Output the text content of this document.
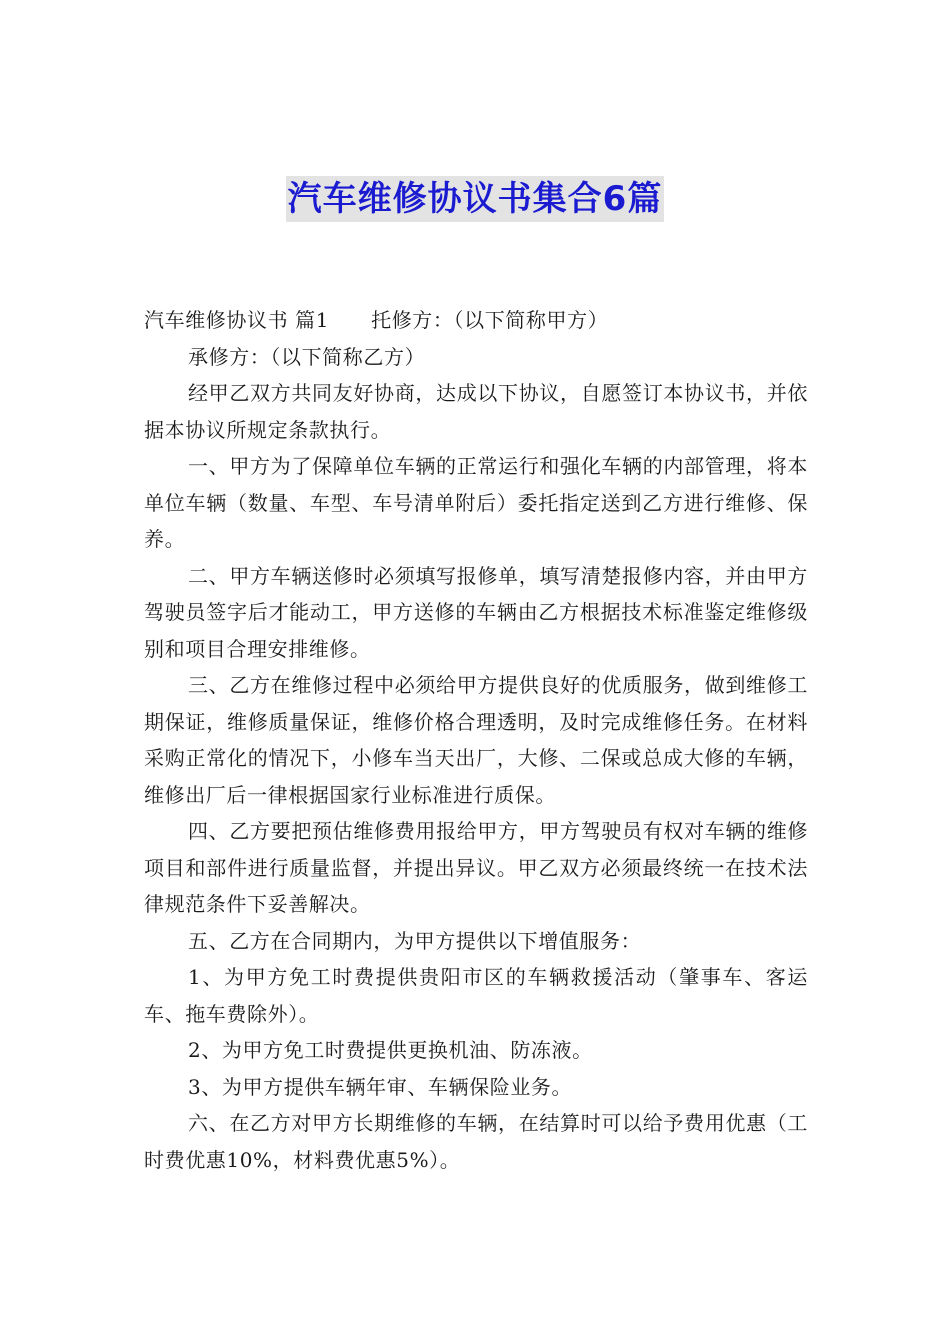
汽车维修协议书集合6篇

汽车维修协议书 篇1 托修方：（以下简称甲方）

承修方：（以下简称乙方）

经甲乙双方共同友好协商，达成以下协议，自愿签订本协议书，并依据本协议所规定条款执行。

一、甲方为了保障单位车辆的正常运行和强化车辆的内部管理，将本单位车辆（数量、车型、车号清单附后）委托指定送到乙方进行维修、保养。

二、甲方车辆送修时必须填写报修单，填写清楚报修内容，并由甲方驾驶员签字后才能动工，甲方送修的车辆由乙方根据技术标准鉴定维修级别和项目合理安排维修。

三、乙方在维修过程中必须给甲方提供良好的优质服务，做到维修工期保证，维修质量保证，维修价格合理透明，及时完成维修任务。在材料采购正常化的情况下，小修车当天出厂，大修、二保或总成大修的车辆，维修出厂后一律根据国家行业标准进行质保。

四、乙方要把预估维修费用报给甲方，甲方驾驶员有权对车辆的维修项目和部件进行质量监督，并提出异议。甲乙双方必须最终统一在技术法律规范条件下妥善解决。

五、乙方在合同期内，为甲方提供以下增值服务：

1、为甲方免工时费提供贵阳市区的车辆救援活动（肇事车、客运车、拖车费除外）。

2、为甲方免工时费提供更换机油、防冻液。

3、为甲方提供车辆年审、车辆保险业务。

六、在乙方对甲方长期维修的车辆，在结算时可以给予费用优惠（工时费优惠10%，材料费优惠5%）。
